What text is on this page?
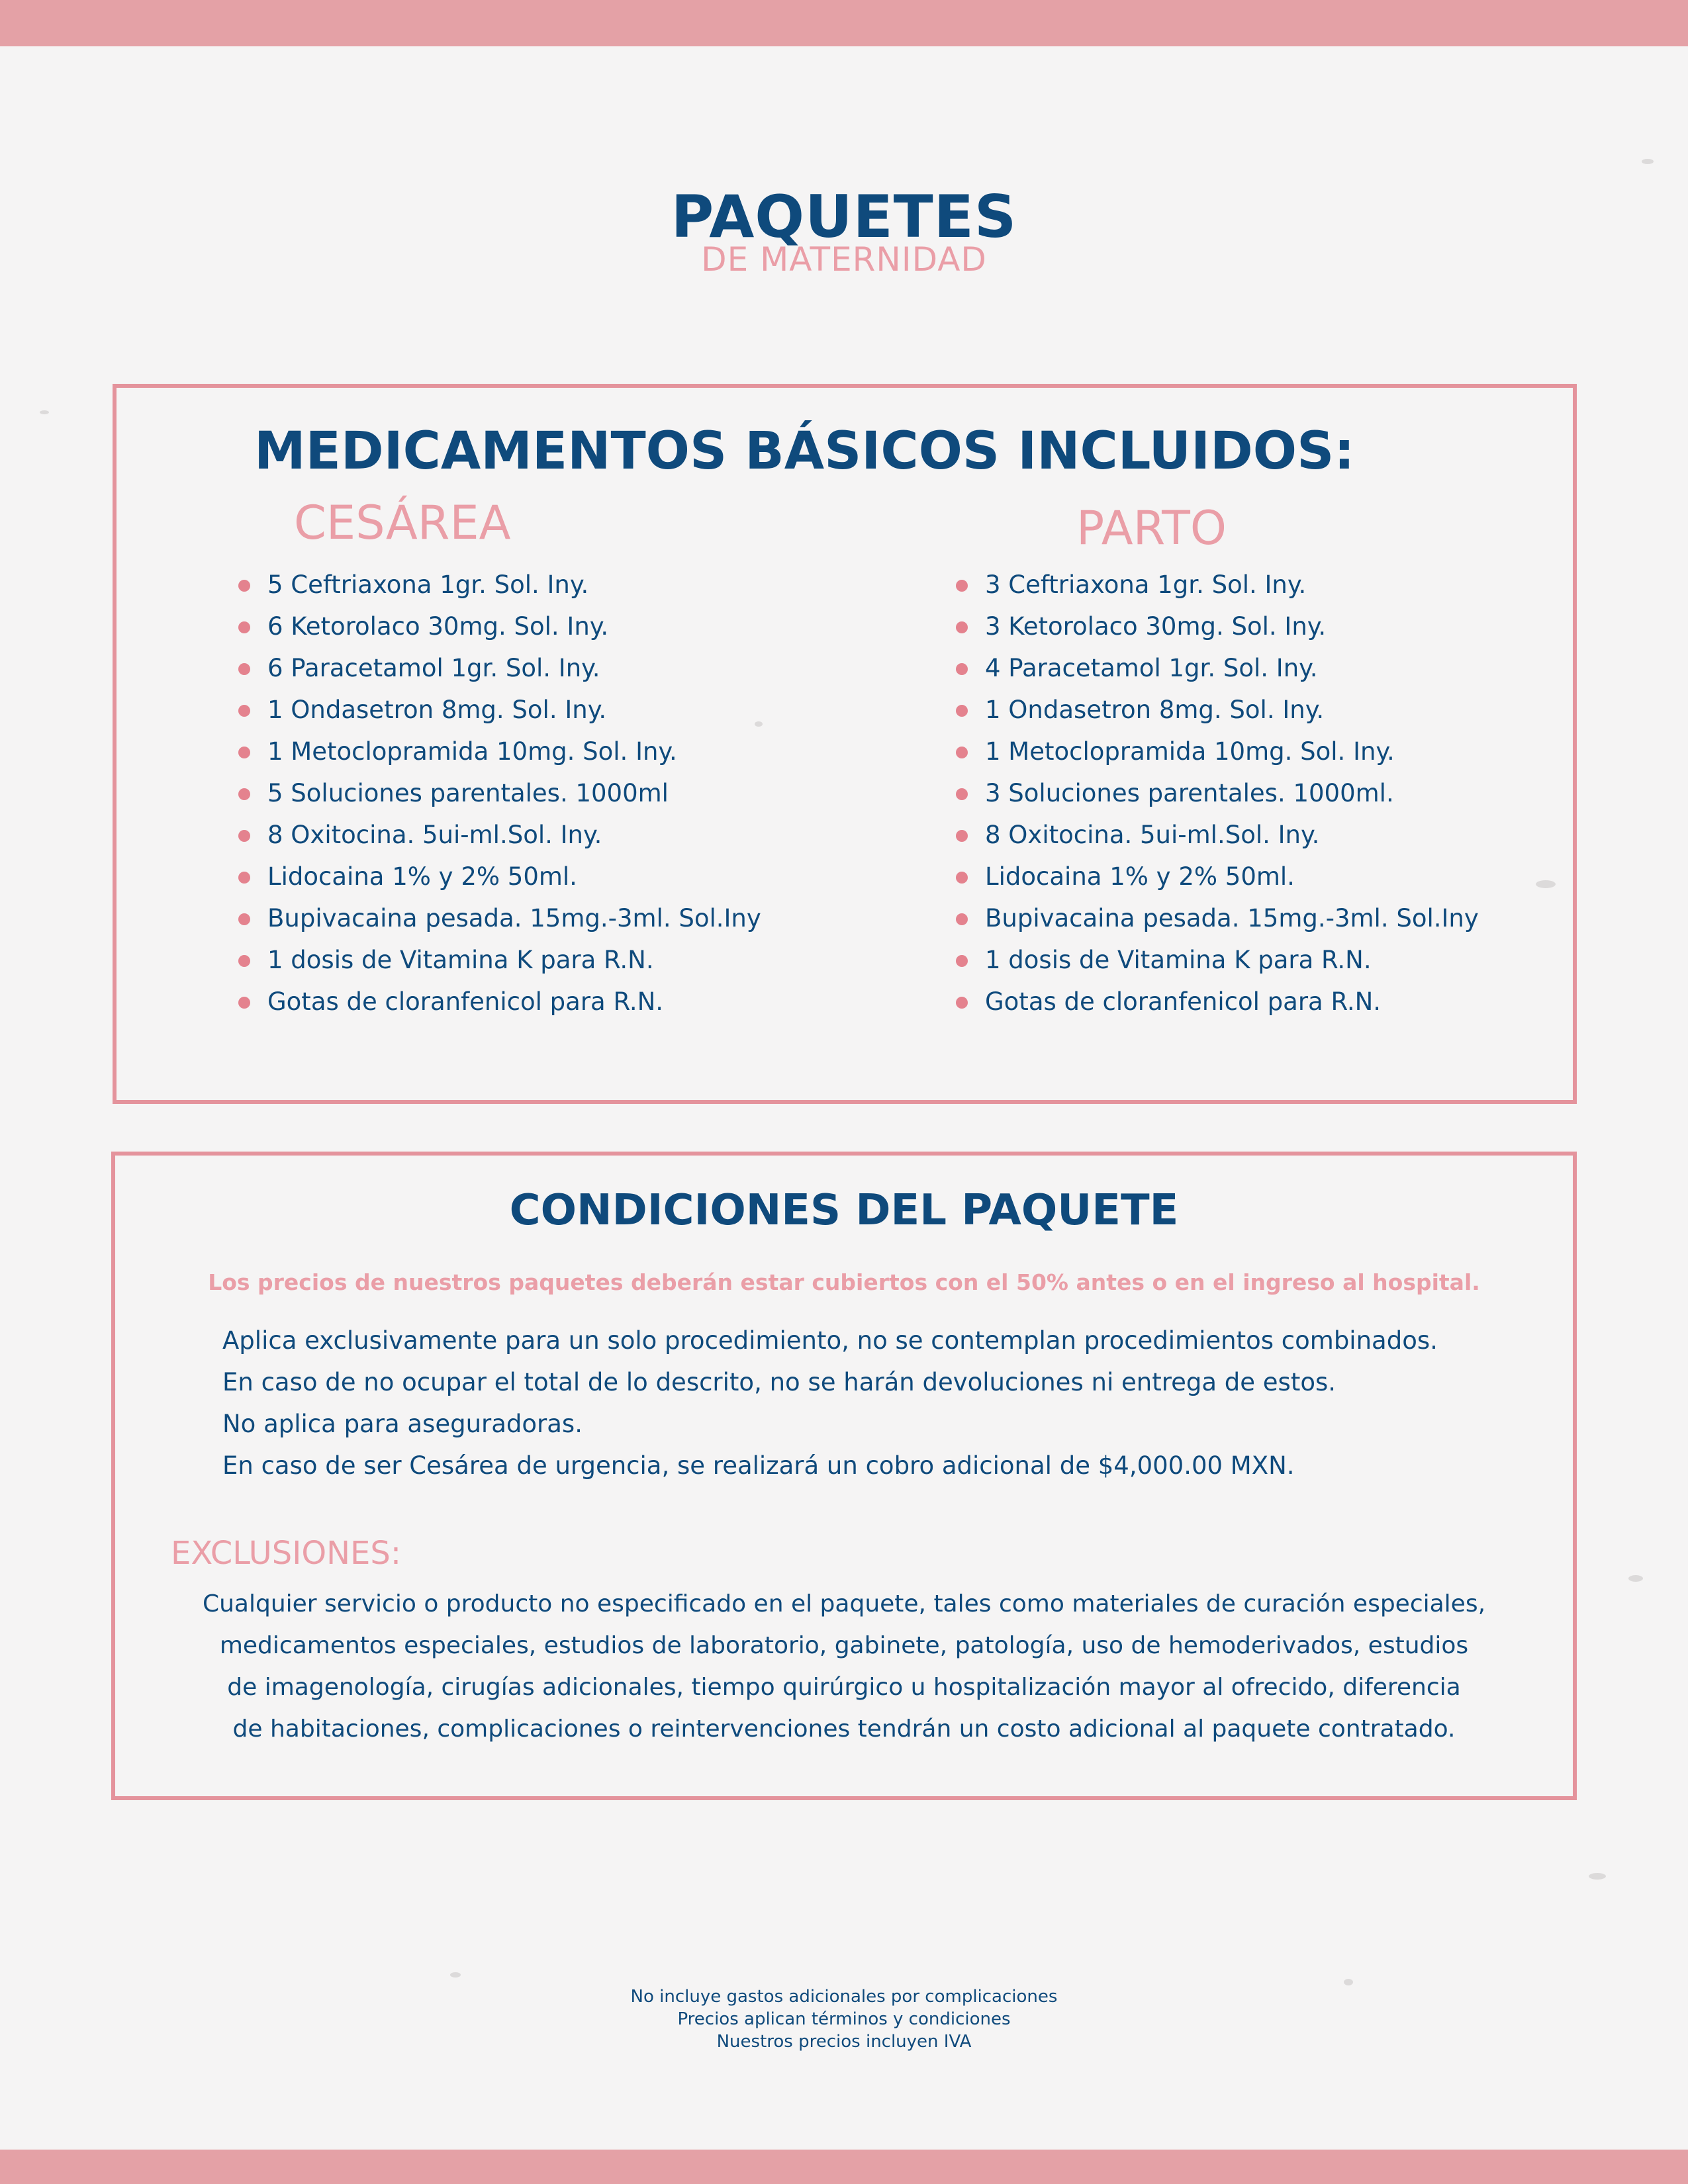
PAQUETES
DE MATERNIDAD
MEDICAMENTOS BÁSICOS INCLUIDOS:
CESÁREA	PARTO
5 Ceftriaxona 1gr. Sol. Iny.
6 Ketorolaco 30mg. Sol. Iny.
6 Paracetamol 1gr. Sol. Iny.
1 Ondasetron 8mg. Sol. Iny.
1 Metoclopramida 10mg. Sol. Iny.
5 Soluciones parentales. 1000ml
8 Oxitocina. 5ui-ml.Sol. Iny.
Lidocaina 1% y 2% 50ml.
Bupivacaina pesada. 15mg.-3ml. Sol.Iny
1 dosis de Vitamina K para R.N.
Gotas de cloranfenicol para R.N.
3 Ceftriaxona 1gr. Sol. Iny.
3 Ketorolaco 30mg. Sol. Iny.
4 Paracetamol 1gr. Sol. Iny.
1 Ondasetron 8mg. Sol. Iny.
1 Metoclopramida 10mg. Sol. Iny.
3 Soluciones parentales. 1000ml.
8 Oxitocina. 5ui-ml.Sol. Iny.
Lidocaina 1% y 2% 50ml.
Bupivacaina pesada. 15mg.-3ml. Sol.Iny
1 dosis de Vitamina K para R.N.
Gotas de cloranfenicol para R.N.
CONDICIONES DEL PAQUETE
Los precios de nuestros paquetes deberán estar cubiertos con el 50% antes o en el ingreso al hospital.
Aplica exclusivamente para un solo procedimiento, no se contemplan procedimientos combinados.
En caso de no ocupar el total de lo descrito, no se harán devoluciones ni entrega de estos.
No aplica para aseguradoras.
En caso de ser Cesárea de urgencia, se realizará un cobro adicional de $4,000.00 MXN.
EXCLUSIONES:
Cualquier servicio o producto no especificado en el paquete, tales como materiales de curación especiales,
medicamentos especiales, estudios de laboratorio, gabinete, patología, uso de hemoderivados, estudios
de imagenología, cirugías adicionales, tiempo quirúrgico u hospitalización mayor al ofrecido, diferencia
de habitaciones, complicaciones o reintervenciones tendrán un costo adicional al paquete contratado.
No incluye gastos adicionales por complicaciones
Precios aplican términos y condiciones
Nuestros precios incluyen IVA
